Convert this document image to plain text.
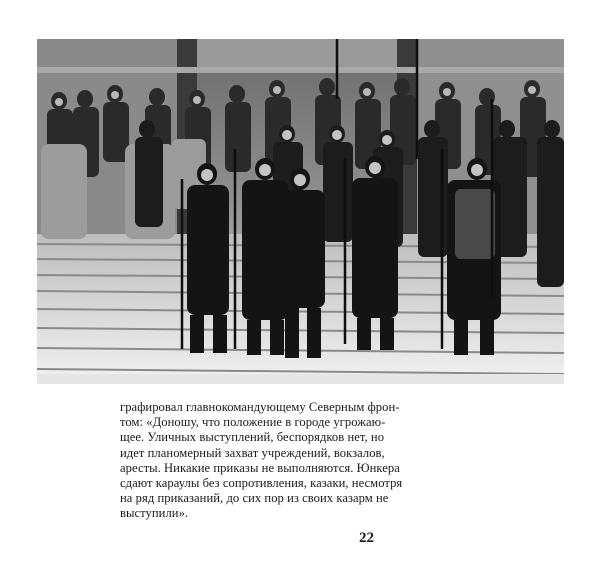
графировал главнокомандующему Северным фрон-
том: «Доношу, что положение в городе угрожаю-
щее. Уличных выступлений, беспорядков нет, но
идет планомерный захват учреждений, вокзалов,
аресты. Никакие приказы не выполняются. Юнкера
сдают караулы без сопротивления, казаки, несмотря
на ряд приказаний, до сих пор из своих казарм не
выступили».
22
